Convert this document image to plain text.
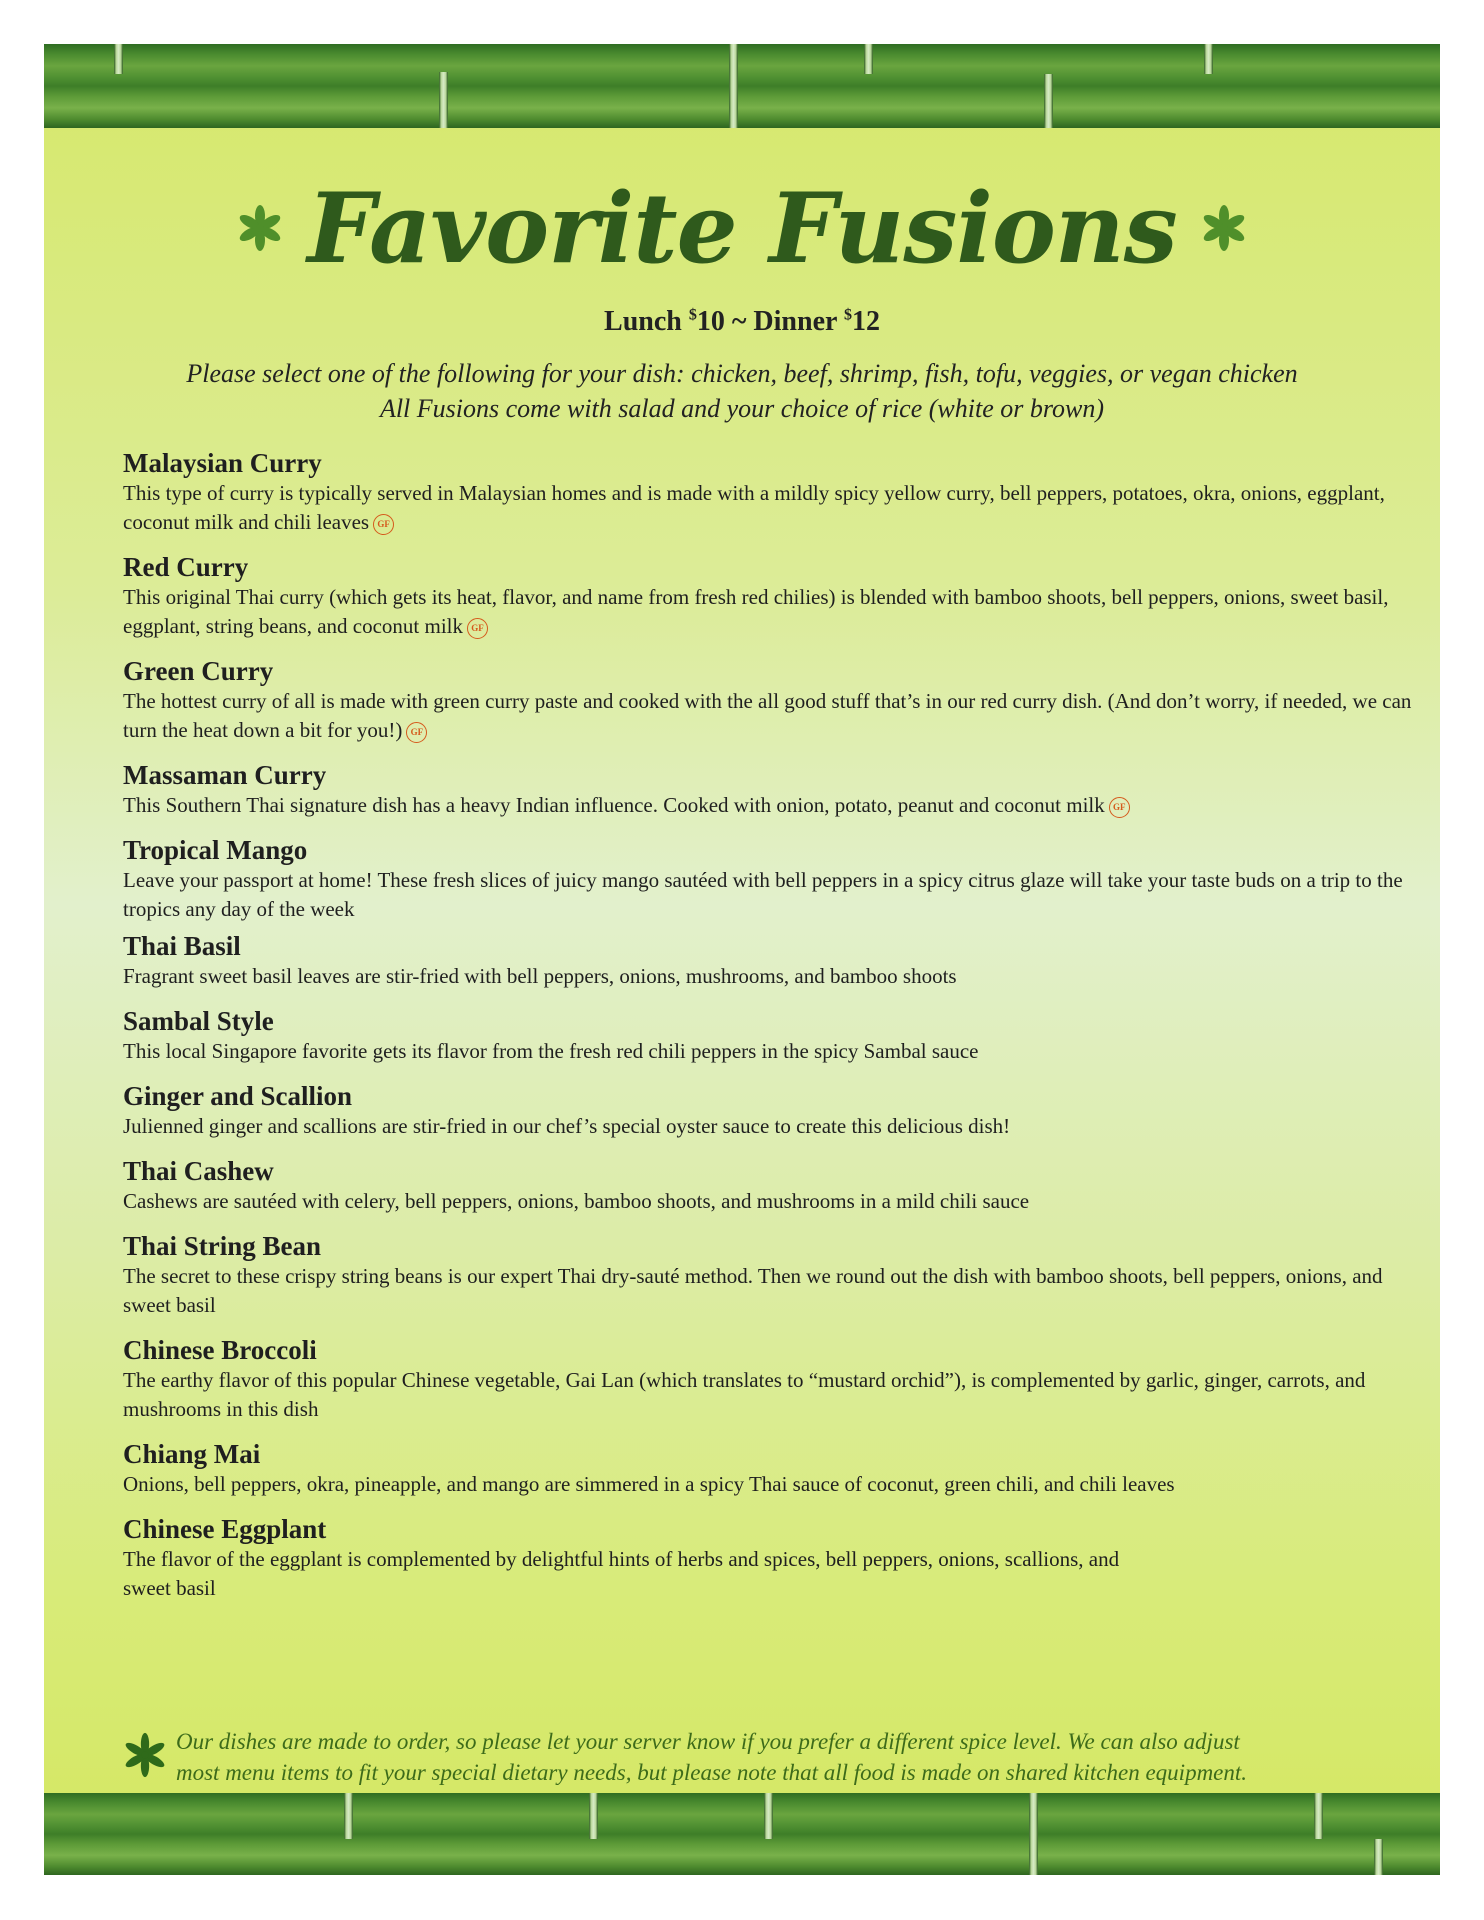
Favorite Fusions
Lunch $10 ~ Dinner $12
Please select one of the following for your dish: chicken, beef, shrimp, fish, tofu, veggies, or vegan chicken
All Fusions come with salad and your choice of rice (white or brown)
Malaysian Curry
This type of curry is typically served in Malaysian homes and is made with a mildly spicy yellow curry, bell peppers, potatoes, okra, onions, eggplant, coconut milk and chili leaves GF
Red Curry
This original Thai curry (which gets its heat, flavor, and name from fresh red chilies) is blended with bamboo shoots, bell peppers, onions, sweet basil, eggplant, string beans, and coconut milk GF
Green Curry
The hottest curry of all is made with green curry paste and cooked with the all good stuff that’s in our red curry dish. (And don’t worry, if needed, we can turn the heat down a bit for you!) GF
Massaman Curry
This Southern Thai signature dish has a heavy Indian influence. Cooked with onion, potato, peanut and coconut milk GF
Tropical Mango
Leave your passport at home! These fresh slices of juicy mango sautéed with bell peppers in a spicy citrus glaze will take your taste buds on a trip to the tropics any day of the week
Thai Basil
Fragrant sweet basil leaves are stir-fried with bell peppers, onions, mushrooms, and bamboo shoots
Sambal Style
This local Singapore favorite gets its flavor from the fresh red chili peppers in the spicy Sambal sauce
Ginger and Scallion
Julienned ginger and scallions are stir-fried in our chef’s special oyster sauce to create this delicious dish!
Thai Cashew
Cashews are sautéed with celery, bell peppers, onions, bamboo shoots, and mushrooms in a mild chili sauce
Thai String Bean
The secret to these crispy string beans is our expert Thai dry-sauté method. Then we round out the dish with bamboo shoots, bell peppers, onions, and sweet basil
Chinese Broccoli
The earthy flavor of this popular Chinese vegetable, Gai Lan (which translates to “mustard orchid”), is complemented by garlic, ginger, carrots, and mushrooms in this dish
Chiang Mai
Onions, bell peppers, okra, pineapple, and mango are simmered in a spicy Thai sauce of coconut, green chili, and chili leaves
Chinese Eggplant
The flavor of the eggplant is complemented by delightful hints of herbs and spices, bell peppers, onions, scallions, and sweet basil
Our dishes are made to order, so please let your server know if you prefer a different spice level. We can also adjust
most menu items to fit your special dietary needs, but please note that all food is made on shared kitchen equipment.
